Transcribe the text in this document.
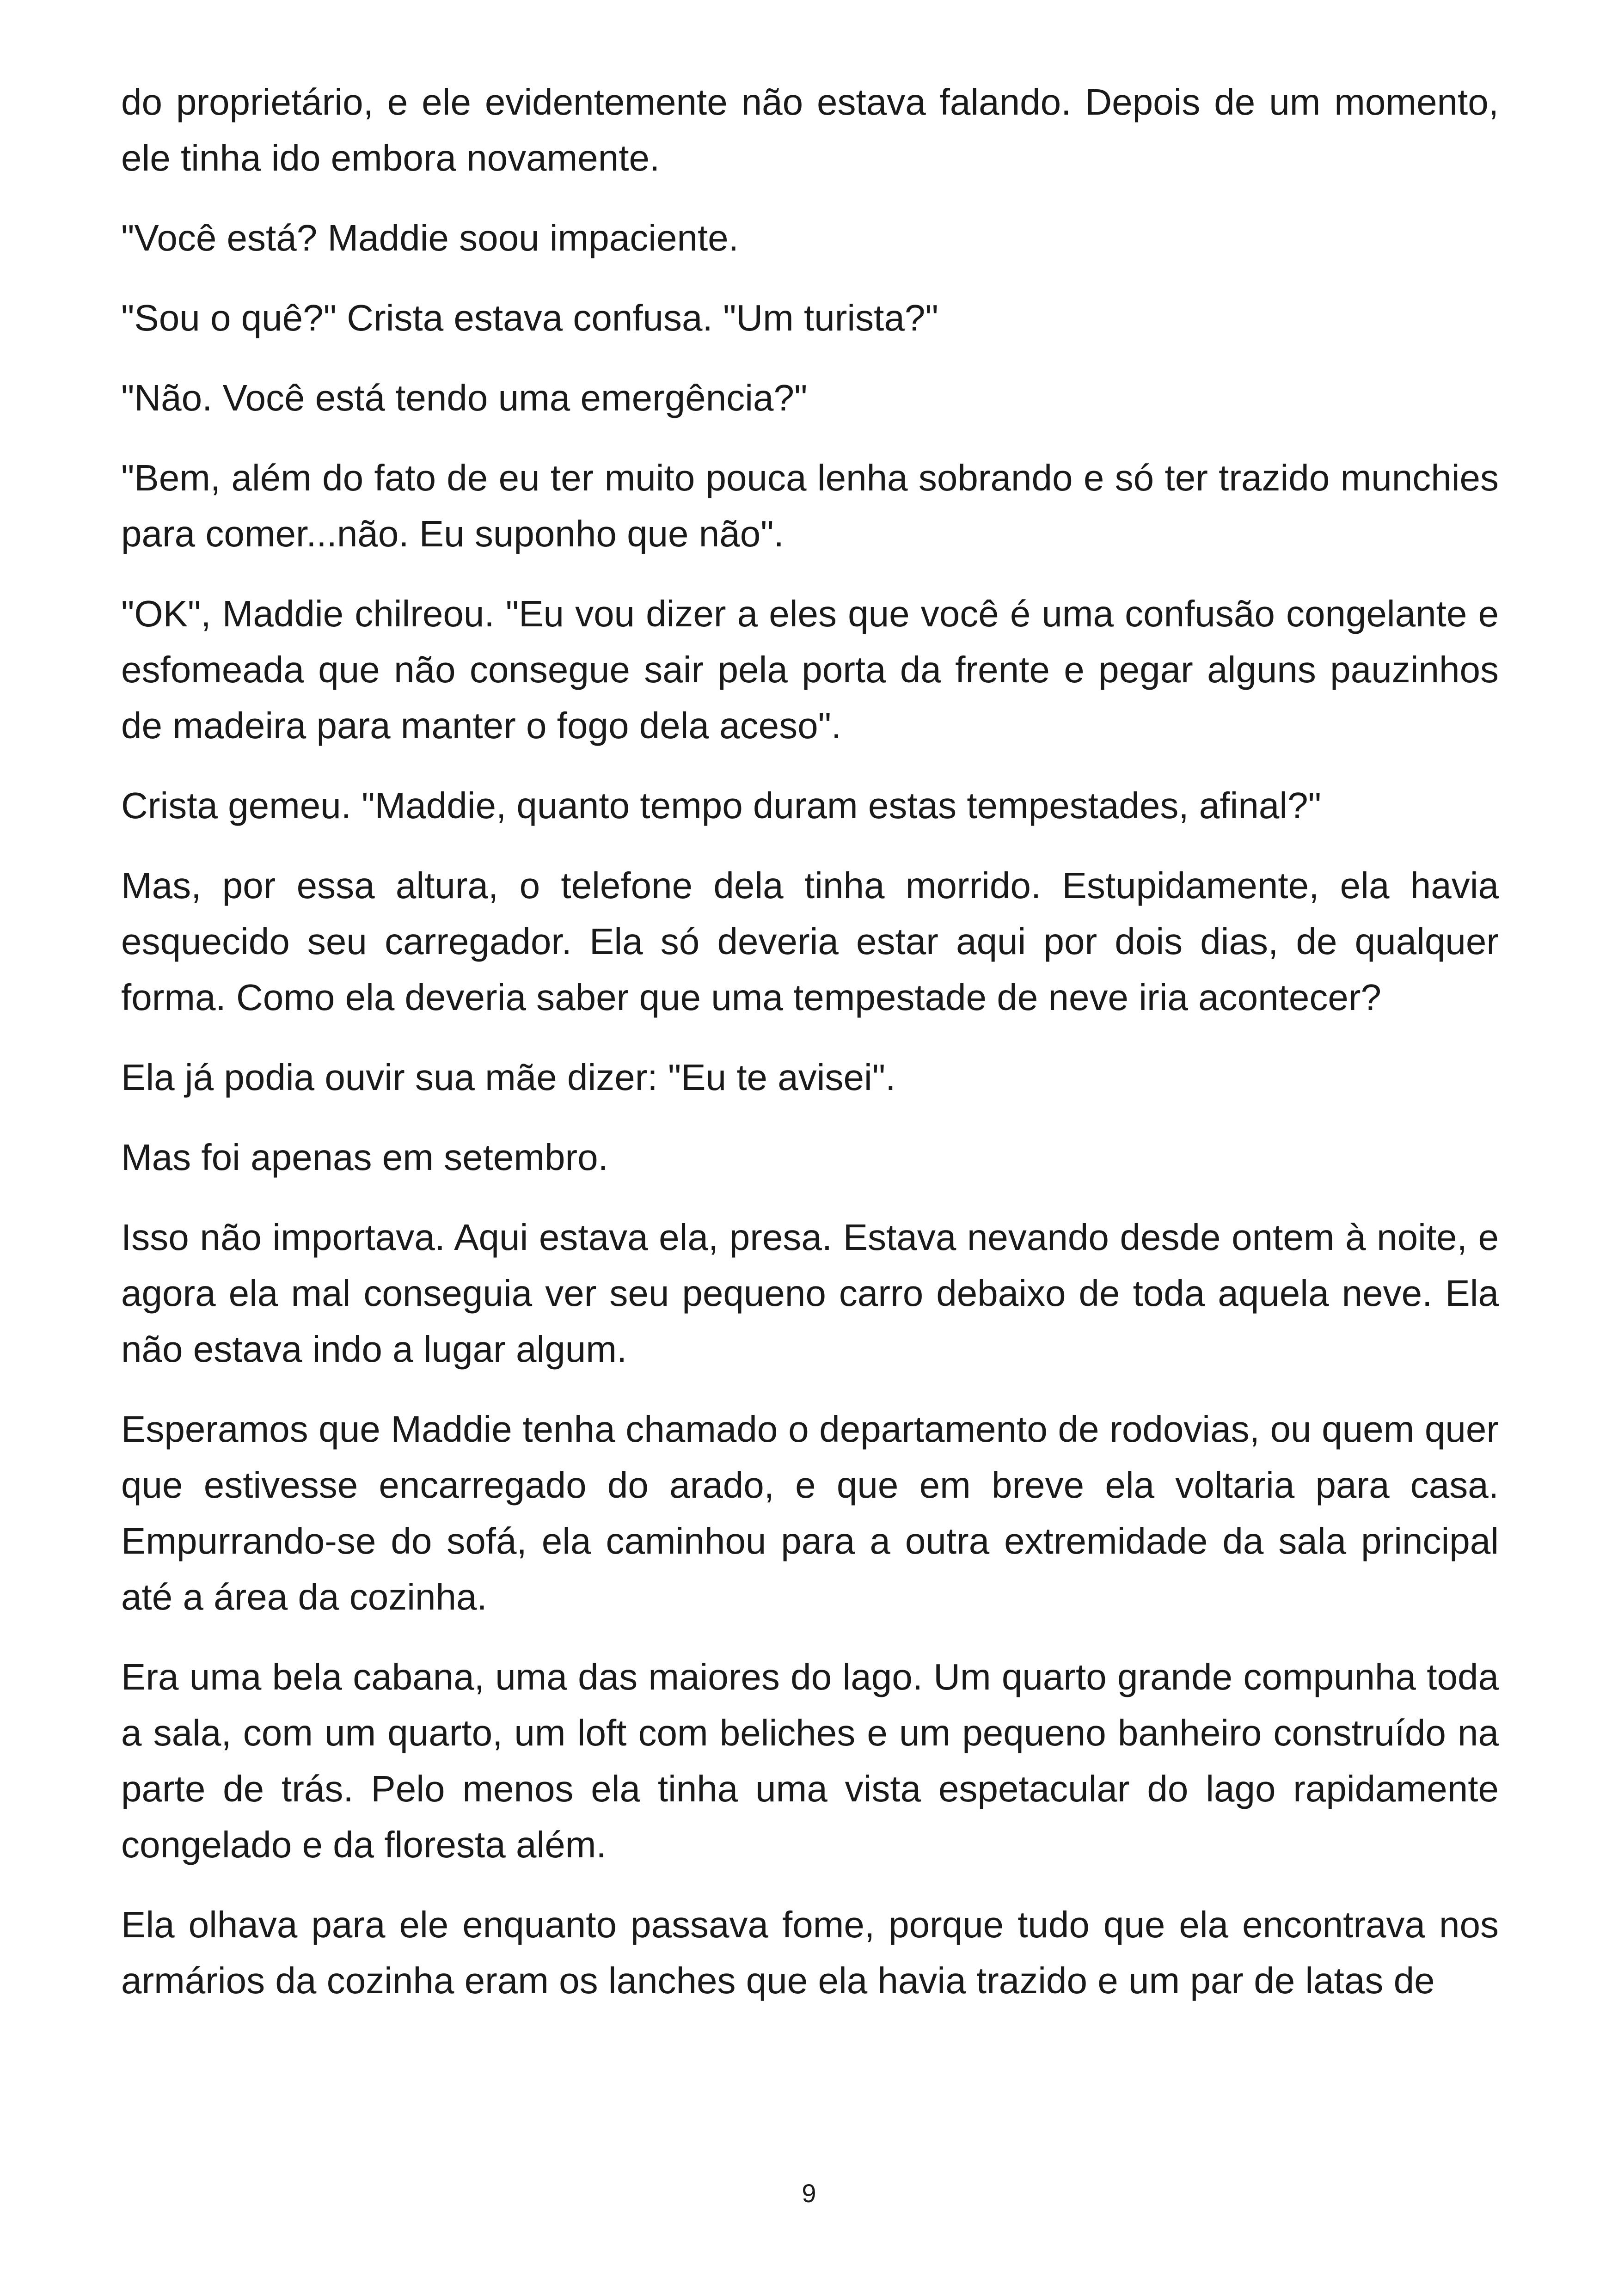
do proprietário, e ele evidentemente não estava falando. Depois de um momento, ele tinha ido embora novamente.

"Você está? Maddie soou impaciente.

"Sou o quê?" Crista estava confusa. "Um turista?"

"Não. Você está tendo uma emergência?"

"Bem, além do fato de eu ter muito pouca lenha sobrando e só ter trazido munchies para comer...não. Eu suponho que não".

"OK", Maddie chilreou. "Eu vou dizer a eles que você é uma confusão congelante e esfomeada que não consegue sair pela porta da frente e pegar alguns pauzinhos de madeira para manter o fogo dela aceso".

Crista gemeu. "Maddie, quanto tempo duram estas tempestades, afinal?"

Mas, por essa altura, o telefone dela tinha morrido. Estupidamente, ela havia esquecido seu carregador. Ela só deveria estar aqui por dois dias, de qualquer forma. Como ela deveria saber que uma tempestade de neve iria acontecer?

Ela já podia ouvir sua mãe dizer: "Eu te avisei".

Mas foi apenas em setembro.

Isso não importava. Aqui estava ela, presa. Estava nevando desde ontem à noite, e agora ela mal conseguia ver seu pequeno carro debaixo de toda aquela neve. Ela não estava indo a lugar algum.

Esperamos que Maddie tenha chamado o departamento de rodovias, ou quem quer que estivesse encarregado do arado, e que em breve ela voltaria para casa. Empurrando-se do sofá, ela caminhou para a outra extremidade da sala principal até a área da cozinha.

Era uma bela cabana, uma das maiores do lago. Um quarto grande compunha toda a sala, com um quarto, um loft com beliches e um pequeno banheiro construído na parte de trás. Pelo menos ela tinha uma vista espetacular do lago rapidamente congelado e da floresta além.

Ela olhava para ele enquanto passava fome, porque tudo que ela encontrava nos armários da cozinha eram os lanches que ela havia trazido e um par de latas de

9
